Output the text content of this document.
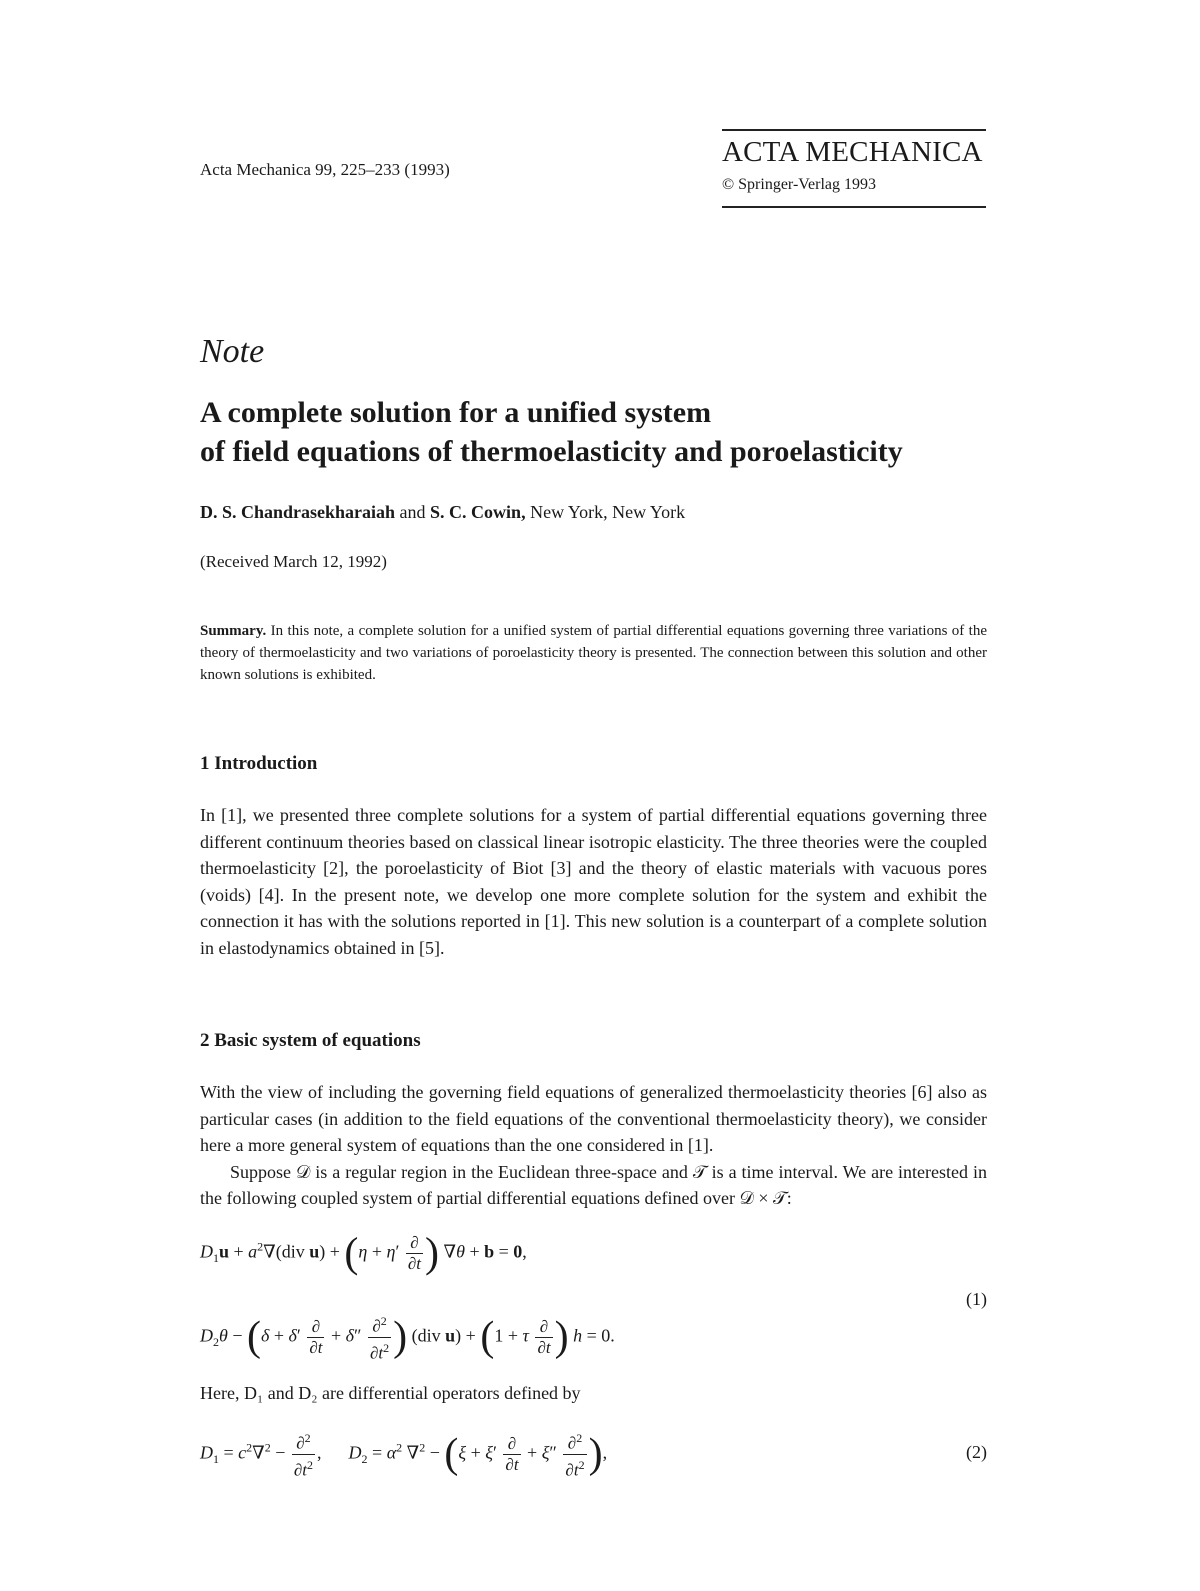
Acta Mechanica 99, 225–233 (1993)
ACTA MECHANICA
© Springer-Verlag 1993
Note
A complete solution for a unified system
of field equations of thermoelasticity and poroelasticity
D. S. Chandrasekharaiah and S. C. Cowin, New York, New York
(Received March 12, 1992)
Summary. In this note, a complete solution for a unified system of partial differential equations governing three variations of the theory of thermoelasticity and two variations of poroelasticity theory is presented. The connection between this solution and other known solutions is exhibited.
1 Introduction

In [1], we presented three complete solutions for a system of partial differential equations governing three different continuum theories based on classical linear isotropic elasticity. The three theories were the coupled thermoelasticity [2], the poroelasticity of Biot [3] and the theory of elastic materials with vacuous pores (voids) [4]. In the present note, we develop one more complete solution for the system and exhibit the connection it has with the solutions reported in [1]. This new solution is a counterpart of a complete solution in elastodynamics obtained in [5].

2 Basic system of equations

With the view of including the governing field equations of generalized thermoelasticity theories [6] also as particular cases (in addition to the field equations of the conventional thermoelasticity theory), we consider here a more general system of equations than the one considered in [1].

Suppose 𝒟 is a regular region in the Euclidean three-space and 𝒯 is a time interval. We are interested in the following coupled system of partial differential equations defined over 𝒟 × 𝒯:

$D_1u + a^2\nabla(div$ $u) + (\eta + \eta' \frac{\partial}{\partial t}$ ) ∇θ + b = 0,
(1)
$D_2\theta - (\delta + \delta' \frac{\partial}{\partial t} + \delta'' \frac{\partial^2}{\partial t^2}$ ) (div u) + (1 + τ $\frac{\partial}{\partial t}$ ) h = 0.

Here, D₁ and D₂ are differential operators defined by

$D_1 = c^2\nabla^2 - \frac{\partial^2}{\partial t^2}$ ,  $D_2 = \alpha^2$ $\nabla^2 - (\xi + \xi' \frac{\partial}{\partial t} + \xi'' \frac{\partial^2}{\partial t^2}$ ),	(2)
